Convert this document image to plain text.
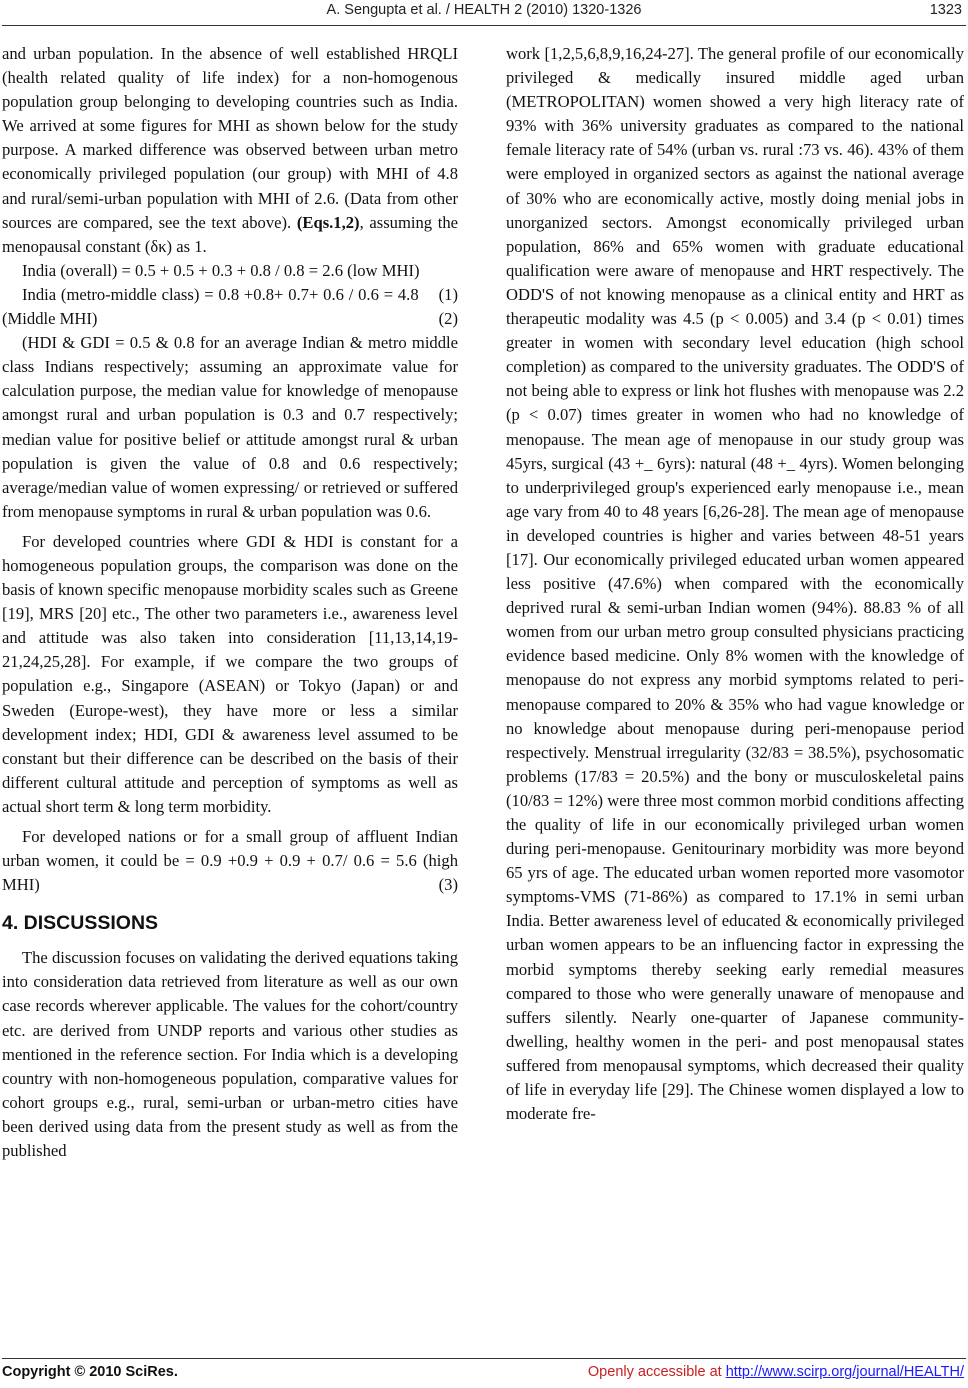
A. Sengupta et al. / HEALTH 2 (2010) 1320-1326	1323

and urban population. In the absence of well established HRQLI (health related quality of life index) for a non-homogenous population group belonging to developing countries such as India. We arrived at some figures for MHI as shown below for the study purpose. A marked difference was observed between urban metro economically privileged population (our group) with MHI of 4.8 and rural/semi-urban population with MHI of 2.6. (Data from other sources are compared, see the text above). (Eqs.1,2), assuming the menopausal constant (δκ) as 1.

India (overall) = 0.5 + 0.5 + 0.3 + 0.8 / 0.8 = 2.6 (low MHI)
(1)

India (metro-middle class) = 0.8 +0.8+ 0.7+ 0.6 / 0.6 = 4.8 (Middle MHI)	(2)

(HDI & GDI = 0.5 & 0.8 for an average Indian & metro middle class Indians respectively; assuming an approximate value for calculation purpose, the median value for knowledge of menopause amongst rural and urban population is 0.3 and 0.7 respectively; median value for positive belief or attitude amongst rural & urban population is given the value of 0.8 and 0.6 respectively; average/median value of women expressing/ or retrieved or suffered from menopause symptoms in rural & urban population was 0.6.

For developed countries where GDI & HDI is constant for a homogeneous population groups, the comparison was done on the basis of known specific menopause morbidity scales such as Greene [19], MRS [20] etc., The other two parameters i.e., awareness level and attitude was also taken into consideration [11,13,14,19-21,24,25,28]. For example, if we compare the two groups of population e.g., Singapore (ASEAN) or Tokyo (Japan) or and Sweden (Europe-west), they have more or less a similar development index; HDI, GDI & awareness level assumed to be constant but their difference can be described on the basis of their different cultural attitude and perception of symptoms as well as actual short term & long term morbidity.

For developed nations or for a small group of affluent Indian urban women, it could be = 0.9 +0.9 + 0.9 + 0.7/ 0.6 = 5.6 (high MHI)	(3)

4. DISCUSSIONS

The discussion focuses on validating the derived equations taking into consideration data retrieved from literature as well as our own case records wherever applicable. The values for the cohort/country etc. are derived from UNDP reports and various other studies as mentioned in the reference section. For India which is a developing country with non-homogeneous population, comparative values for cohort groups e.g., rural, semi-urban or urban-metro cities have been derived using data from the present study as well as from the published

work [1,2,5,6,8,9,16,24-27]. The general profile of our economically privileged & medically insured middle aged urban (METROPOLITAN) women showed a very high literacy rate of 93% with 36% university graduates as compared to the national female literacy rate of 54% (urban vs. rural :73 vs. 46). 43% of them were employed in organized sectors as against the national average of 30% who are economically active, mostly doing menial jobs in unorganized sectors. Amongst economically privileged urban population, 86% and 65% women with graduate educational qualification were aware of menopause and HRT respectively. The ODD'S of not knowing menopause as a clinical entity and HRT as therapeutic modality was 4.5 (p < 0.005) and 3.4 (p < 0.01) times greater in women with secondary level education (high school completion) as compared to the university graduates. The ODD'S of not being able to express or link hot flushes with menopause was 2.2 (p < 0.07) times greater in women who had no knowledge of menopause. The mean age of menopause in our study group was 45yrs, surgical (43 +_ 6yrs): natural (48 +_ 4yrs). Women belonging to underprivileged group's experienced early menopause i.e., mean age vary from 40 to 48 years [6,26-28]. The mean age of menopause in developed countries is higher and varies between 48-51 years [17]. Our economically privileged educated urban women appeared less positive (47.6%) when compared with the economically deprived rural & semi-urban Indian women (94%). 88.83 % of all women from our urban metro group consulted physicians practicing evidence based medicine. Only 8% women with the knowledge of menopause do not express any morbid symptoms related to peri-menopause compared to 20% & 35% who had vague knowledge or no knowledge about menopause during peri-menopause period respectively. Menstrual irregularity (32/83 = 38.5%), psychosomatic problems (17/83 = 20.5%) and the bony or musculoskeletal pains (10/83 = 12%) were three most common morbid conditions affecting the quality of life in our economically privileged urban women during peri-menopause. Genitourinary morbidity was more beyond 65 yrs of age. The educated urban women reported more vasomotor symptoms-VMS (71-86%) as compared to 17.1% in semi urban India. Better awareness level of educated & economically privileged urban women appears to be an influencing factor in expressing the morbid symptoms thereby seeking early remedial measures compared to those who were generally unaware of menopause and suffers silently. Nearly one-quarter of Japanese community-dwelling, healthy women in the peri- and post menopausal states suffered from menopausal symptoms, which decreased their quality of life in everyday life [29]. The Chinese women displayed a low to moderate fre-

Copyright © 2010 SciRes.	Openly accessible at http://www.scirp.org/journal/HEALTH/
